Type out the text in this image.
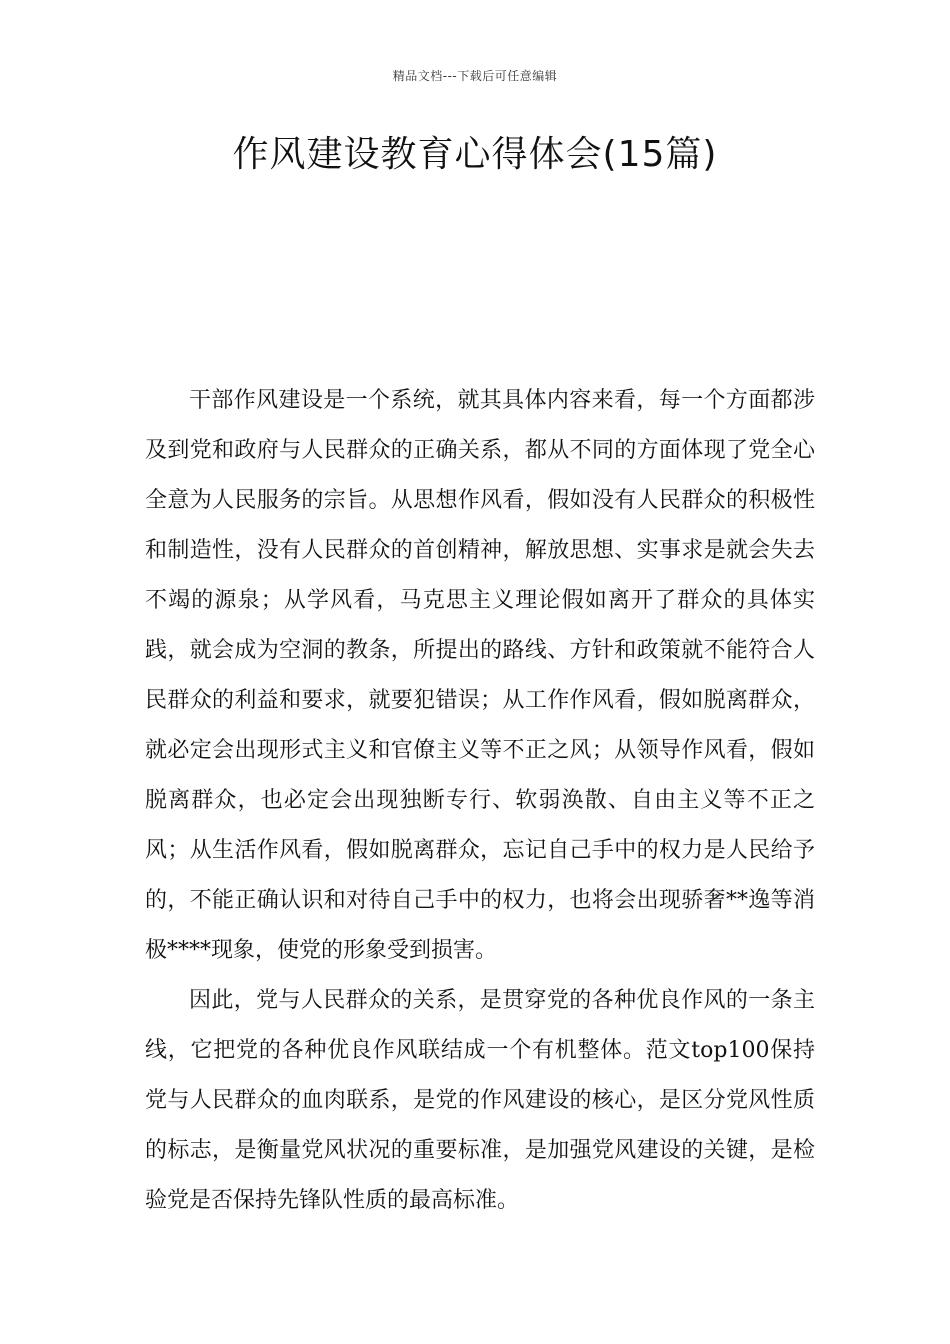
精品文档---下载后可任意编辑
作风建设教育心得体会(15篇)

干部作风建设是一个系统，就其具体内容来看，每一个方面都涉及到党和政府与人民群众的正确关系，都从不同的方面体现了党全心全意为人民服务的宗旨。从思想作风看，假如没有人民群众的积极性和制造性，没有人民群众的首创精神，解放思想、实事求是就会失去不竭的源泉；从学风看，马克思主义理论假如离开了群众的具体实践，就会成为空洞的教条，所提出的路线、方针和政策就不能符合人民群众的利益和要求，就要犯错误；从工作作风看，假如脱离群众，就必定会出现形式主义和官僚主义等不正之风；从领导作风看，假如脱离群众，也必定会出现独断专行、软弱涣散、自由主义等不正之风；从生活作风看，假如脱离群众，忘记自己手中的权力是人民给予的，不能正确认识和对待自己手中的权力，也将会出现骄奢**逸等消极****现象，使党的形象受到损害。

因此，党与人民群众的关系，是贯穿党的各种优良作风的一条主线，它把党的各种优良作风联结成一个有机整体。范文top100保持党与人民群众的血肉联系，是党的作风建设的核心，是区分党风性质的标志，是衡量党风状况的重要标准，是加强党风建设的关键，是检验党是否保持先锋队性质的最高标准。
